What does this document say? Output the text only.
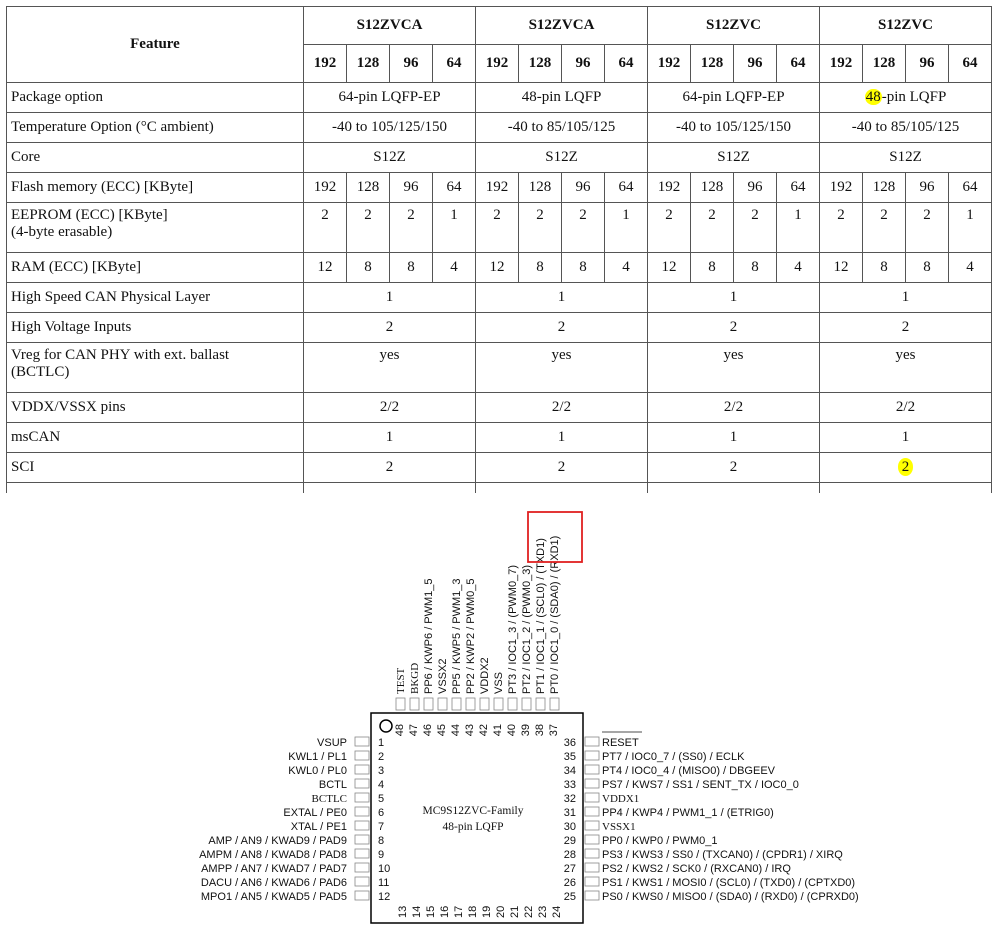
Feature	S12ZVCA				S12ZVCA				S12ZVC				S12ZVC			
	192	128	96	64	192	128	96	64	192	128	96	64	192	128	96	64

Package option	64-pin LQFP-EP				48-pin LQFP				64-pin LQFP-EP				48-pin LQFP			

Temperature Option (°C ambient)	-40 to 105/125/150				-40 to 85/105/125				-40 to 105/125/150				-40 to 85/105/125			

Core	S12Z				S12Z				S12Z				S12Z			

Flash memory (ECC) [KByte]	192	128	96	64	192	128	96	64	192	128	96	64	192	128	96	64

EEPROM (ECC) [KByte]
(4-byte erasable)	2	2	2	1	2	2	2	1	2	2	2	1	2	2	2	1

RAM (ECC) [KByte]	12	8	8	4	12	8	8	4	12	8	8	4	12	8	8	4

High Speed CAN Physical Layer	1				1				1				1			

High Voltage Inputs	2				2				2				2			

Vreg for CAN PHY with ext. ballast
(BCTLC)	yes				yes				yes				yes			

VDDX/VSSX pins	2/2				2/2				2/2				2/2			

msCAN	1				1				1				1			

SCI	2				2				2				2			

MC9S12ZVC-Family
48-pin LQFP
1
VSUP
2
KWL1 / PL1
3
KWL0 / PL0
4
BCTL
5
BCTLC
6
EXTAL / PE0
7
XTAL / PE1
8
AMP / AN9 / KWAD9 / PAD9
9
AMPM / AN8 / KWAD8 / PAD8
10
AMPP / AN7 / KWAD7 / PAD7
11
DACU / AN6 / KWAD6 / PAD6
12
MPO1 / AN5 / KWAD5 / PAD5
36 RESET
35 PT7 / IOC0_7 / (SS0) / ECLK
34 PT4 / IOC0_4 / (MISO0) / DBGEEV
33 PS7 / KWS7 / SS1 / SENT_TX / IOC0_0
32 VDDX1
31 PP4 / KWP4 / PWM1_1 / (ETRIG0)
30 VSSX1
29 PP0 / KWP0 / PWM0_1
28 PS3 / KWS3 / SS0 / (TXCAN0) / (CPDR1) / XIRQ
27 PS2 / KWS2 / SCK0 / (RXCAN0) / IRQ
26 PS1 / KWS1 / MOSI0 / (SCL0) / (TXD0) / (CPTXD0)
25 PS0 / KWS0 / MISO0 / (SDA0) / (RXD0) / (CPRXD0)
48
TEST
47
BKGD
46
PP6 / KWP6 / PWM1_5
45
VSSX2
44
PP5 / KWP5 / PWM1_3
43
PP2 / KWP2 / PWM0_5
42
VDDX2
41
VSS
40
PT3 / IOC1_3 / (PWM0_7)
39
PT2 / IOC1_2 / (PWM0_3)
38
PT1 / IOC1_1 / (SCL0) / (TXD1)
37
PT0 / IOC1_0 / (SDA0) / (RXD1)
13 14 15 16 17 18 19 20 21 22 23 24
